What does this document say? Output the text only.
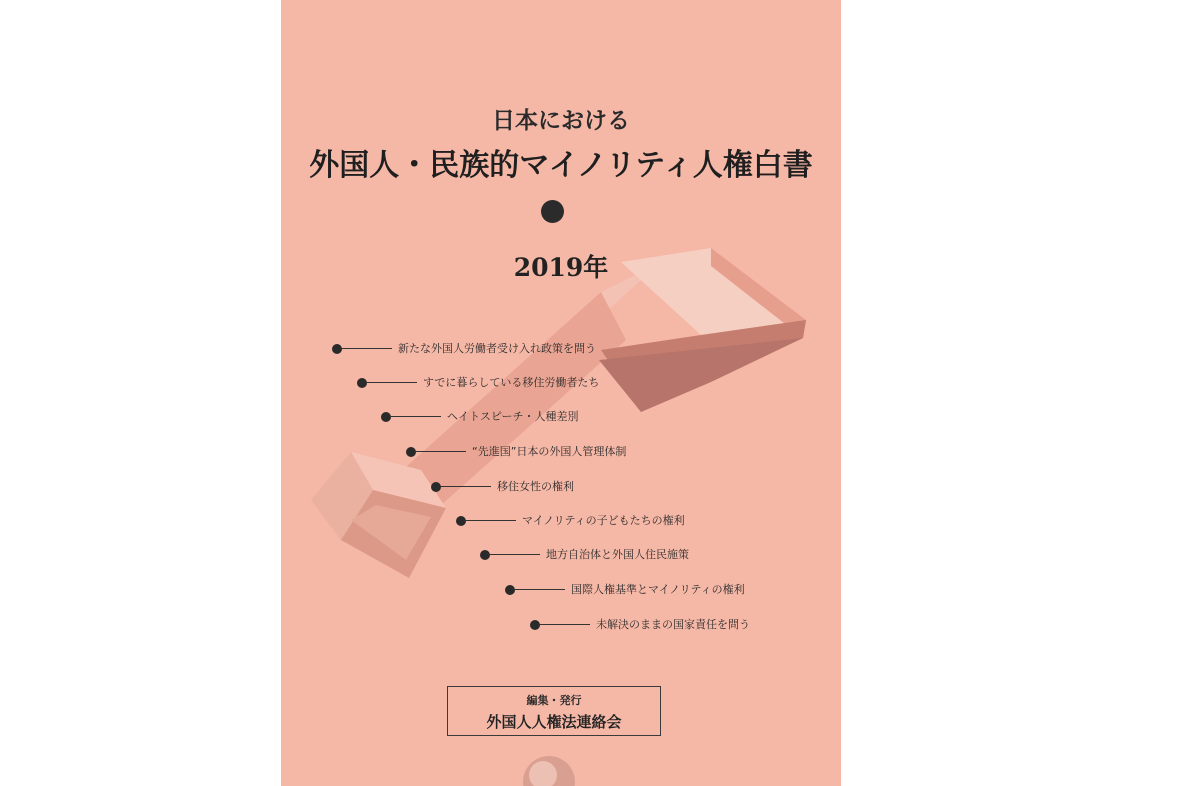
日本における
外国人・民族的マイノリティ人権白書
2019年
新たな外国人労働者受け入れ政策を問う
すでに暮らしている移住労働者たち
ヘイトスピーチ・人種差別
“先進国”日本の外国人管理体制
移住女性の権利
マイノリティの子どもたちの権利
地方自治体と外国人住民施策
国際人権基準とマイノリティの権利
未解決のままの国家責任を問う
編集・発行
外国人人権法連絡会
